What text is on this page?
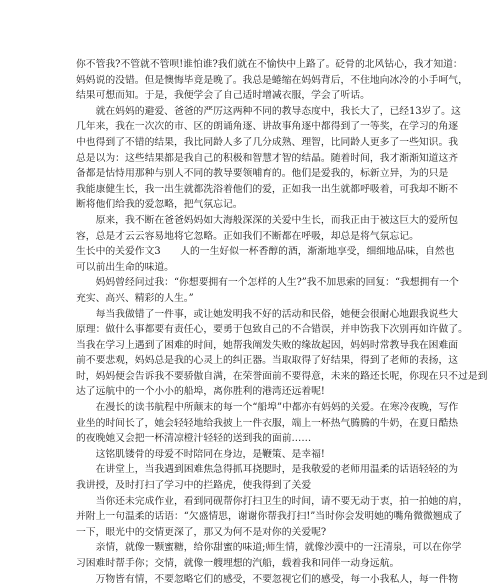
你不管我?不管就不管呗!谁怕谁?我们就在不愉快中上路了。砭骨的北风钻心，我才知道：
妈妈说的没错。但是懊悔毕竟是晚了。我总是蜷缩在妈妈背后，不住地向冰冷的小手呵气，
结果可想而知。于是，我便学会了自己适时增减衣服，学会了听话。
　　就在妈妈的避爱、爸爸的严厉这两种不同的教导态度中，我长大了，已经13岁了。这
几年来，我在一次次的市、区的朗诵角逐、讲故事角逐中都得到了一等奖，在学习的角逐
中也得到了不错的结果，我比同龄人多了几分成熟、理智，比同龄人更多了一些知识。我
总是以为：这些结果都是我自己的积极和智慧才智的结晶。随着时间，我才渐渐知道这齐
备都是怙恃用那种与别人不同的教导要领哺育的。他们是爱我的，标新立异，为的只是
我能康健生长，我一出生就都洗浴着他们的爱，正如我一出生就都呼吸着，可我却不断不
断将他们给我的爱忽略，把气氛忘记。
　　原来，我不断在爸爸妈妈如大海般深深的关爱中生长，而我正由于被这巨大的爱所包
容，总是才云云容易地将它忽略。正如我们不断都在呼吸，却总是将气氛忘记。
生长中的关爱作文3　　人的一生好似一杯香醇的酒，渐渐地享受，细细地品味，自然也
可以前出生命的味道。
　　妈妈曾经问过我：“你想要拥有一个怎样的人生?”我不加思索的回复：“我想拥有一个
充实、高兴、精彩的人生。”
　　每当我做错了一件事，或让她发明我不好的活动和民俗，她便会很耐心地跟我说些大
原理：做什么事都要有责任心，要勇于包致自己的不合错误，并申饬我下次别再如许做了。
当我在学习上遇到了困难的时间，她帮我阐发失败的缘故起因，妈妈时常教导我在困难面
前不要悲观，妈妈总是我的心灵上的纠正器。当取取得了好结果，得到了老师的表扬，这
时，妈妈便会告诉我不要骄傲自满，在荣誉面前不要得意，未来的路还长呢，你现在只不过是到
达了远航中的一个小小的船埠，离你胜利的港湾还远着呢!
　　在漫长的读书航程中所颠末的每一个“船埠”中都亦有妈妈的关爱。在寒冷夜晚，写作
业坐的时间长了，她会轻轻地给我披上一件衣服，端上一杯热气腾腾的牛奶，在夏日酷热
的夜晚她又会把一杯清凉橙汁轻轻的送到我的面前……
　　这铭肌镂骨的母爱不时陪同在身边，是鞭策、是幸福!
　　在讲堂上，当我遇到困难焦急得抓耳挠腮时，是我敬爱的老师用温柔的话语轻轻的为
我讲授，及时打扫了学习中的拦路虎，使我得到了关爱
　　当你还未完成作业，看到同砚帮你打扫卫生的时间，请不要无动于衷，拍一拍她的肩，
并附上一句温柔的话语：“欠盛情思，谢谢你帮我打扫!”当时你会发明她的嘴角微微翘成了
一下，眼光中的交情更深了，那又为何不是对你的关爱呢?
　　亲情，就像一颗蜜糖，给你甜蜜的味道;师生情，就像沙漠中的一汪清泉，可以在你学
习困难时帮手你；交情，就像一艘埋想的汽船，载着我和同伴一动身远航。
　　万物皆有情，不要忽略它们的感受，不要忽视它们的感受，每一小我私人，每一件物
